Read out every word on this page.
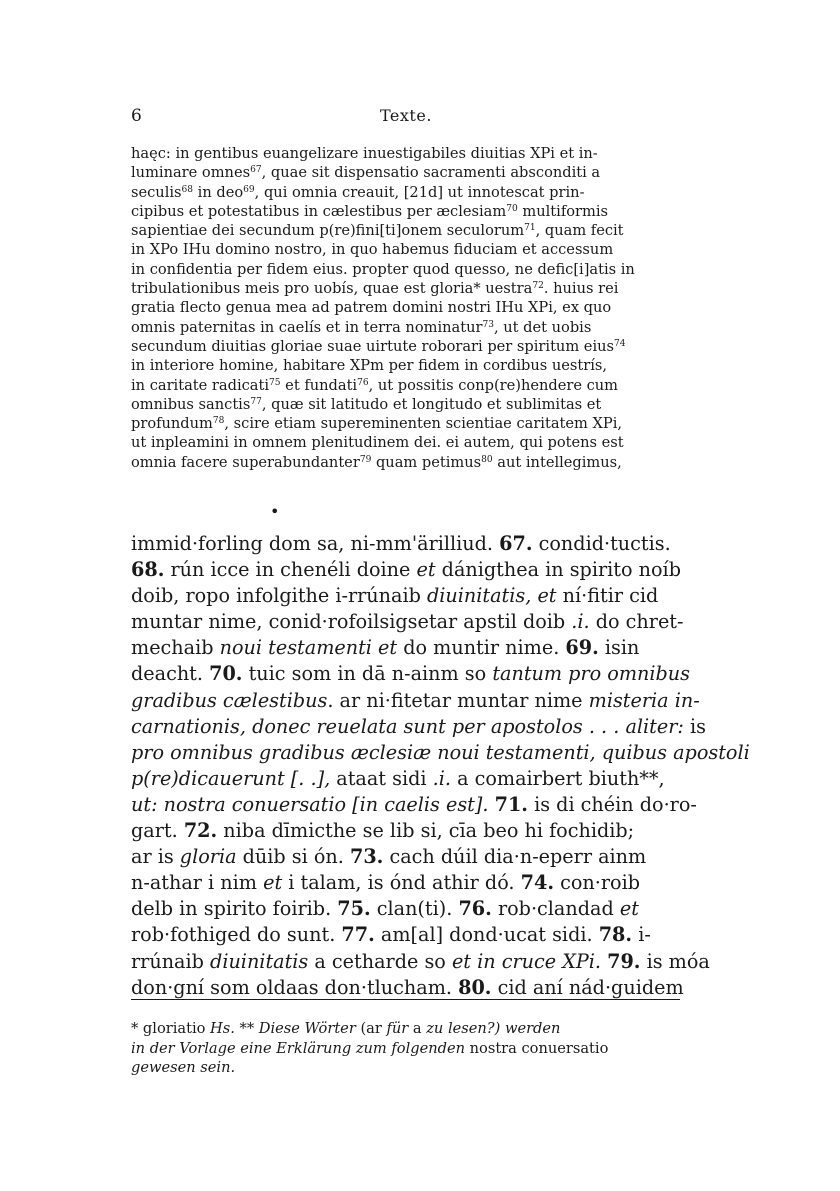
6	Texte.
haęc: in gentibus euangelizare inuestigabiles diuitias XPi et in-
luminare omnes$^{67}$, quae sit dispensatio sacramenti absconditi a
seculis$^{68}$ in deo$^{69}$, qui omnia creauit, [21d] ut innotescat prin-
cipibus et potestatibus in cælestibus per æclesiam$^{70}$ multiformis
sapientiae dei secundum p(re)fini[ti]onem seculorum$^{71}$, quam fecit
in XPo IHu domino nostro, in quo habemus fiduciam et accessum
in confidentia per fidem eius. propter quod quesso, ne defic[i]atis in
tribulationibus meis pro uobís, quae est gloria* uestra$^{72}$. huius rei
gratia flecto genua mea ad patrem domini nostri IHu XPi, ex quo
omnis paternitas in caelís et in terra nominatur$^{73}$, ut det uobis
secundum diuitias gloriae suae uirtute roborari per spiritum eius$^{74}$
in interiore homine, habitare XPm per fidem in cordibus uestrís,
in caritate radicati$^{75}$ et fundati$^{76}$, ut possitis conp(re)hendere cum
omnibus sanctis$^{77}$, quæ sit latitudo et longitudo et sublimitas et
profundum$^{78}$, scire etiam supereminenten scientiae caritatem XPi,
ut inpleamini in omnem plenitudinem dei. ei autem, qui potens est
omnia facere superabundanter$^{79}$ quam petimus$^{80}$ aut intellegimus,
•
immid·forling dom sa, ni-mm'ärilliud. 67. condid·tuctis.
68. rún icce in chenéli doine et dánigthea in spirito noíb
doib, ropo infolgithe i-rrúnaib diuinitatis, et ní·fitir cid
muntar nime, conid·rofoilsigsetar apstil doib .i. do chret-
mechaib noui testamenti et do muntir nime. 69. isin
deacht. 70. tuic som in dā n-ainm so tantum pro omnibus
gradibus cælestibus. ar ni·fitetar muntar nime misteria in-
carnationis, donec reuelata sunt per apostolos . . . aliter: is
pro omnibus gradibus æclesiæ noui testamenti, quibus apostoli
p(re)dicauerunt [. .], ataat sidi .i. a comairbert biuth**,
ut: nostra conuersatio [in caelis est]. 71. is di chéin do·ro-
gart. 72. niba dīmicthe se lib si, cīa beo hi fochidib;
ar is gloria dūib si ón. 73. cach dúil dia·n-eperr ainm
n-athar i nim et i talam, is ónd athir dó. 74. con·roib
delb in spirito foirib. 75. clan(ti). 76. rob·clandad et
rob·fothiged do sunt. 77. am[al] dond·ucat sidi. 78. i-
rrúnaib diuinitatis a cetharde so et in cruce XPi. 79. is móa
don·gní som oldaas don·tlucham. 80. cid aní nád·guidem
* gloriatio Hs. ** Diese Wörter (ar für a zu lesen?) werden
in der Vorlage eine Erklärung zum folgenden nostra conuersatio
gewesen sein.
